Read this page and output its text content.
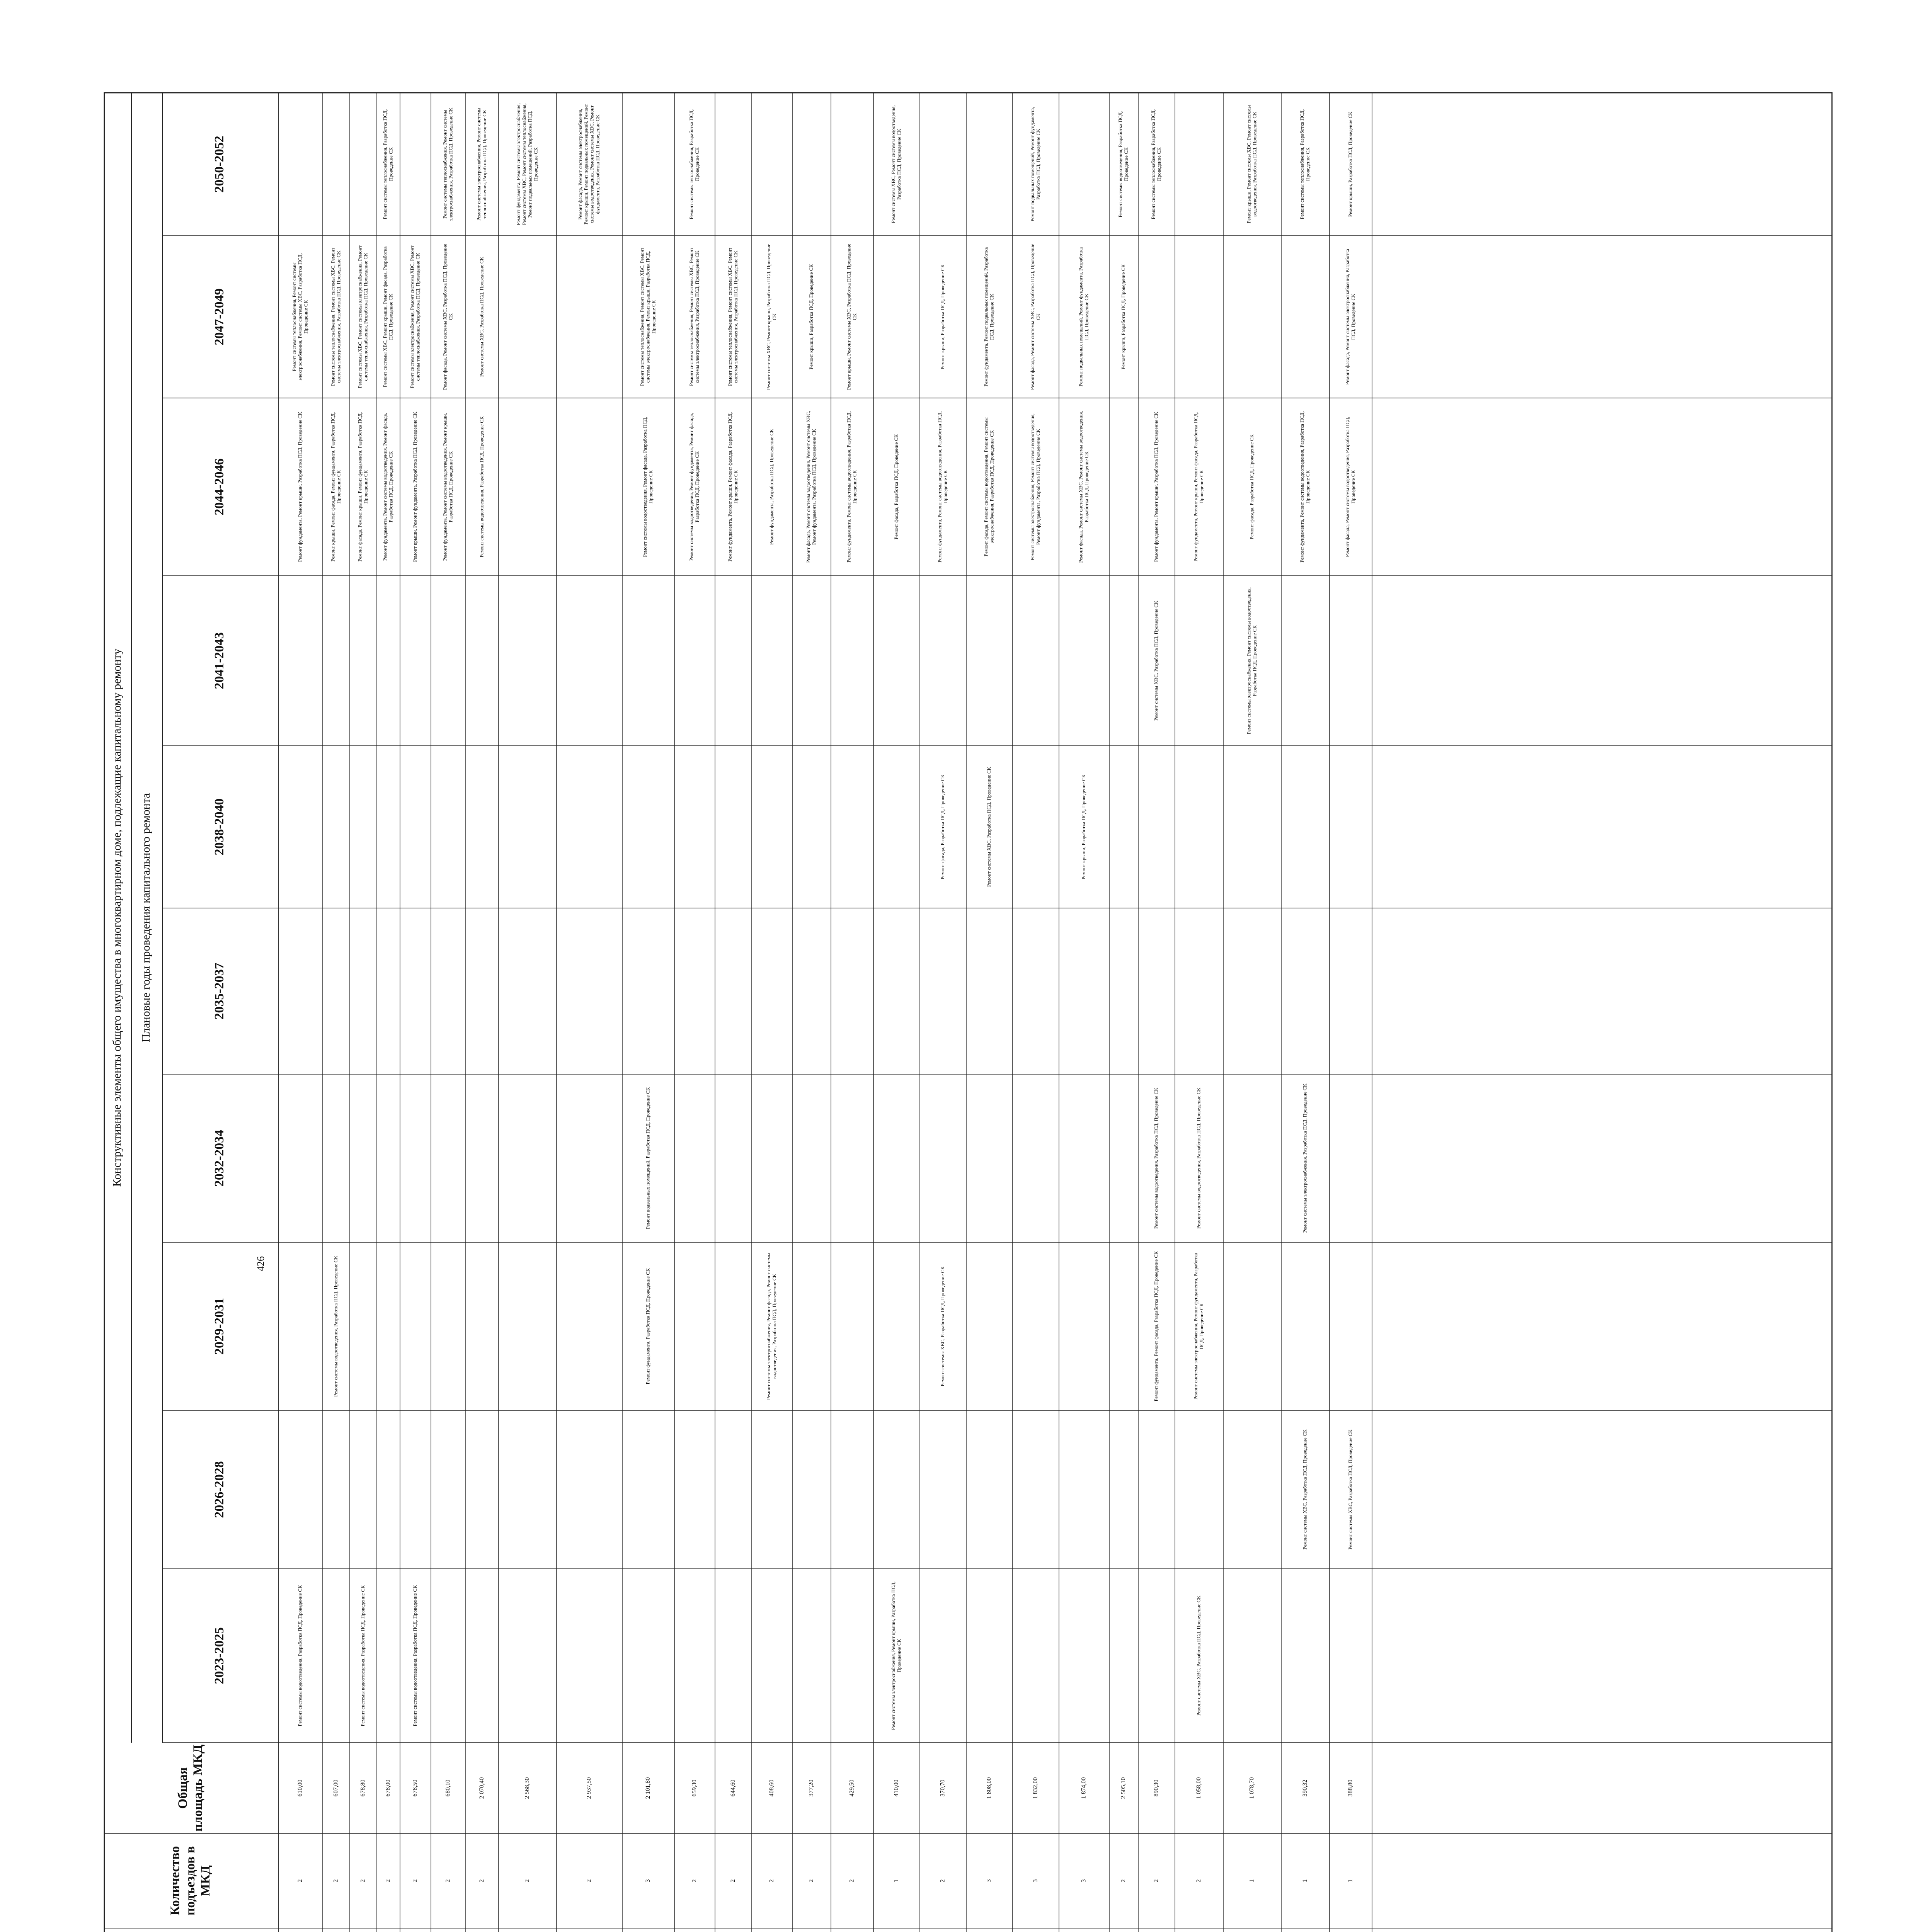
426
Конструктивные элементы общего имущества в многоквартирном доме, подлежащие капитальному ремонту Плановые годы проведения капитального ремонта
Количество подъездов в МКД
Общая площадь МКД
2023-2025
2026-2028
2029-2031
2032-2034
2035-2037
2038-2040
2041-2043
2044-2046
2047-2049
2050-2052
2
610,00
Ремонт системы водоотведения, Разработка ПСД, Проведение СК
Ремонт фундамента, Ремонт крыши, Разработка ПСД, Проведение СК
Ремонт системы теплоснабжения, Ремонт системы электроснабжения, Ремонт системы ХВС, Разработка ПСД, Проведение СК
2
607,00
Ремонт системы водоотведения, Разработка ПСД, Проведение СК
Ремонт крыши, Ремонт фасада, Ремонт фундамента, Разработка ПСД, Проведение СК
Ремонт системы теплоснабжения, Ремонт системы ХВС, Ремонт системы электроснабжения, Разработка ПСД, Проведение СК
2
678,80
Ремонт системы водоотведения, Разработка ПСД, Проведение СК
Ремонт фасада, Ремонт крыши, Ремонт фундамента, Разработка ПСД, Проведение СК
Ремонт системы ХВС, Ремонт системы электроснабжения, Ремонт системы теплоснабжения, Разработка ПСД, Проведение СК
2
678,00
Ремонт фундамента, Ремонт системы водоотведения, Ремонт фасада, Разработка ПСД, Проведение СК
Ремонт системы ХВС, Ремонт крыши, Ремонт фасада, Разработка ПСД, Проведение СК
Ремонт системы теплоснабжения, Разработка ПСД, Проведение СК
2
678,50
Ремонт системы водоотведения, Разработка ПСД, Проведение СК
Ремонт крыши, Ремонт фундамента, Разработка ПСД, Проведение СК
Ремонт системы электроснабжения, Ремонт системы ХВС, Ремонт системы теплоснабжения, Разработка ПСД, Проведение СК
2
680,10
Ремонт фундамента, Ремонт системы водоотведения, Ремонт крыши, Разработка ПСД, Проведение СК
Ремонт фасада, Ремонт системы ХВС, Разработка ПСД, Проведение СК
Ремонт системы теплоснабжения, Ремонт системы электроснабжения, Разработка ПСД, Проведение СК
2
2 070,40
Ремонт системы водоотведения, Разработка ПСД, Проведение СК
Ремонт системы ХВС, Разработка ПСД, Проведение СК
Ремонт системы электроснабжения, Ремонт системы теплоснабжения, Разработка ПСД, Проведение СК
2
2 568,30
Ремонт фундамента, Ремонт системы электроснабжения, Ремонт системы ХВС, Ремонт системы теплоснабжения, Ремонт подвальных помещений, Разработка ПСД, Проведение СК
2
2 937,50
Ремонт фасада, Ремонт системы электроснабжения, Ремонт крыши, Ремонт подвальных помещений, Ремонт системы водоотведения, Ремонт системы ХВС, Ремонт фундамента, Разработка ПСД, Проведение СК
3
2 101,80
Ремонт фундамента, Разработка ПСД, Проведение СК
Ремонт подвальных помещений, Разработка ПСД, Проведение СК
Ремонт системы водоотведения, Ремонт фасада, Разработка ПСД, Проведение СК
Ремонт системы теплоснабжения, Ремонт системы ХВС, Ремонт системы электроснабжения, Ремонт крыши, Разработка ПСД, Проведение СК
2
659,30
Ремонт системы водоотведения, Ремонт фундамента, Ремонт фасада, Разработка ПСД, Проведение СК
Ремонт системы теплоснабжения, Ремонт системы ХВС, Ремонт системы электроснабжения, Разработка ПСД, Проведение СК
Ремонт системы теплоснабжения, Разработка ПСД, Проведение СК
2
644,60
Ремонт фундамента, Ремонт крыши, Ремонт фасада, Разработка ПСД, Проведение СК
Ремонт системы теплоснабжения, Ремонт системы ХВС, Ремонт системы электроснабжения, Разработка ПСД, Проведение СК
2
408,60
Ремонт системы электроснабжения, Ремонт фасада, Ремонт системы водоотведения, Разработка ПСД, Проведение СК
Ремонт фундамента, Разработка ПСД, Проведение СК
Ремонт системы ХВС, Ремонт крыши, Разработка ПСД, Проведение СК
2
377,20
Ремонт фасада, Ремонт системы водоотведения, Ремонт системы ХВС, Ремонт фундамента, Разработка ПСД, Проведение СК
Ремонт крыши, Разработка ПСД, Проведение СК
2
429,50
Ремонт фундамента, Ремонт системы водоотведения, Разработка ПСД, Проведение СК
Ремонт крыши, Ремонт системы ХВС, Разработка ПСД, Проведение СК
1
410,00
Ремонт системы электроснабжения, Ремонт крыши, Разработка ПСД, Проведение СК
Ремонт фасада, Разработка ПСД, Проведение СК
Ремонт системы ХВС, Ремонт системы водоотведения, Разработка ПСД, Проведение СК
2
370,70
Ремонт системы ХВС, Разработка ПСД, Проведение СК
Ремонт фасада, Разработка ПСД, Проведение СК
Ремонт фундамента, Ремонт системы водоотведения, Разработка ПСД, Проведение СК
Ремонт крыши, Разработка ПСД, Проведение СК
3
1 808,00
Ремонт системы ХВС, Разработка ПСД, Проведение СК
Ремонт фасада, Ремонт системы водоотведения, Ремонт системы электроснабжения, Разработка ПСД, Проведение СК
Ремонт фундамента, Ремонт подвальных помещений, Разработка ПСД, Проведение СК
3
1 832,00
Ремонт системы электроснабжения, Ремонт системы водоотведения, Ремонт фундамента, Разработка ПСД, Проведение СК
Ремонт фасада, Ремонт системы ХВС, Разработка ПСД, Проведение СК
Ремонт подвальных помещений, Ремонт фундамента, Разработка ПСД, Проведение СК
3
1 874,00
Ремонт крыши, Разработка ПСД, Проведение СК
Ремонт фасада, Ремонт системы ХВС, Ремонт системы водоотведения, Разработка ПСД, Проведение СК
Ремонт подвальных помещений, Ремонт фундамента, Разработка ПСД, Проведение СК
2
2 505,10
Ремонт крыши, Разработка ПСД, Проведение СК
Ремонт системы водоотведения, Разработка ПСД, Проведение СК
2
890,30
Ремонт фундамента, Ремонт фасада, Разработка ПСД, Проведение СК
Ремонт системы водоотведения, Разработка ПСД, Проведение СК
Ремонт системы ХВС, Разработка ПСД, Проведение СК
Ремонт фундамента, Ремонт крыши, Разработка ПСД, Проведение СК
Ремонт системы теплоснабжения, Разработка ПСД, Проведение СК
2
1 058,00
Ремонт системы ХВС, Разработка ПСД, Проведение СК
Ремонт системы электроснабжения, Ремонт фундамента, Разработка ПСД, Проведение СК
Ремонт системы водоотведения, Разработка ПСД, Проведение СК
Ремонт фундамента, Ремонт крыши, Ремонт фасада, Разработка ПСД, Проведение СК
1
1 078,70
Ремонт системы электроснабжения, Ремонт системы водоотведения, Разработка ПСД, Проведение СК
Ремонт фасада, Разработка ПСД, Проведение СК
Ремонт крыши, Ремонт системы ХВС, Ремонт системы водоотведения, Разработка ПСД, Проведение СК
1
390,32
Ремонт системы ХВС, Разработка ПСД, Проведение СК
Ремонт системы электроснабжения, Разработка ПСД, Проведение СК
Ремонт фундамента, Ремонт системы водоотведения, Разработка ПСД, Проведение СК
Ремонт системы теплоснабжения, Разработка ПСД, Проведение СК
1
388,80
Ремонт системы ХВС, Разработка ПСД, Проведение СК
Ремонт фасада, Ремонт системы водоотведения, Разработка ПСД, Проведение СК
Ремонт фасада, Ремонт системы электроснабжения, Разработка ПСД, Проведение СК
Ремонт крыши, Разработка ПСД, Проведение СК
